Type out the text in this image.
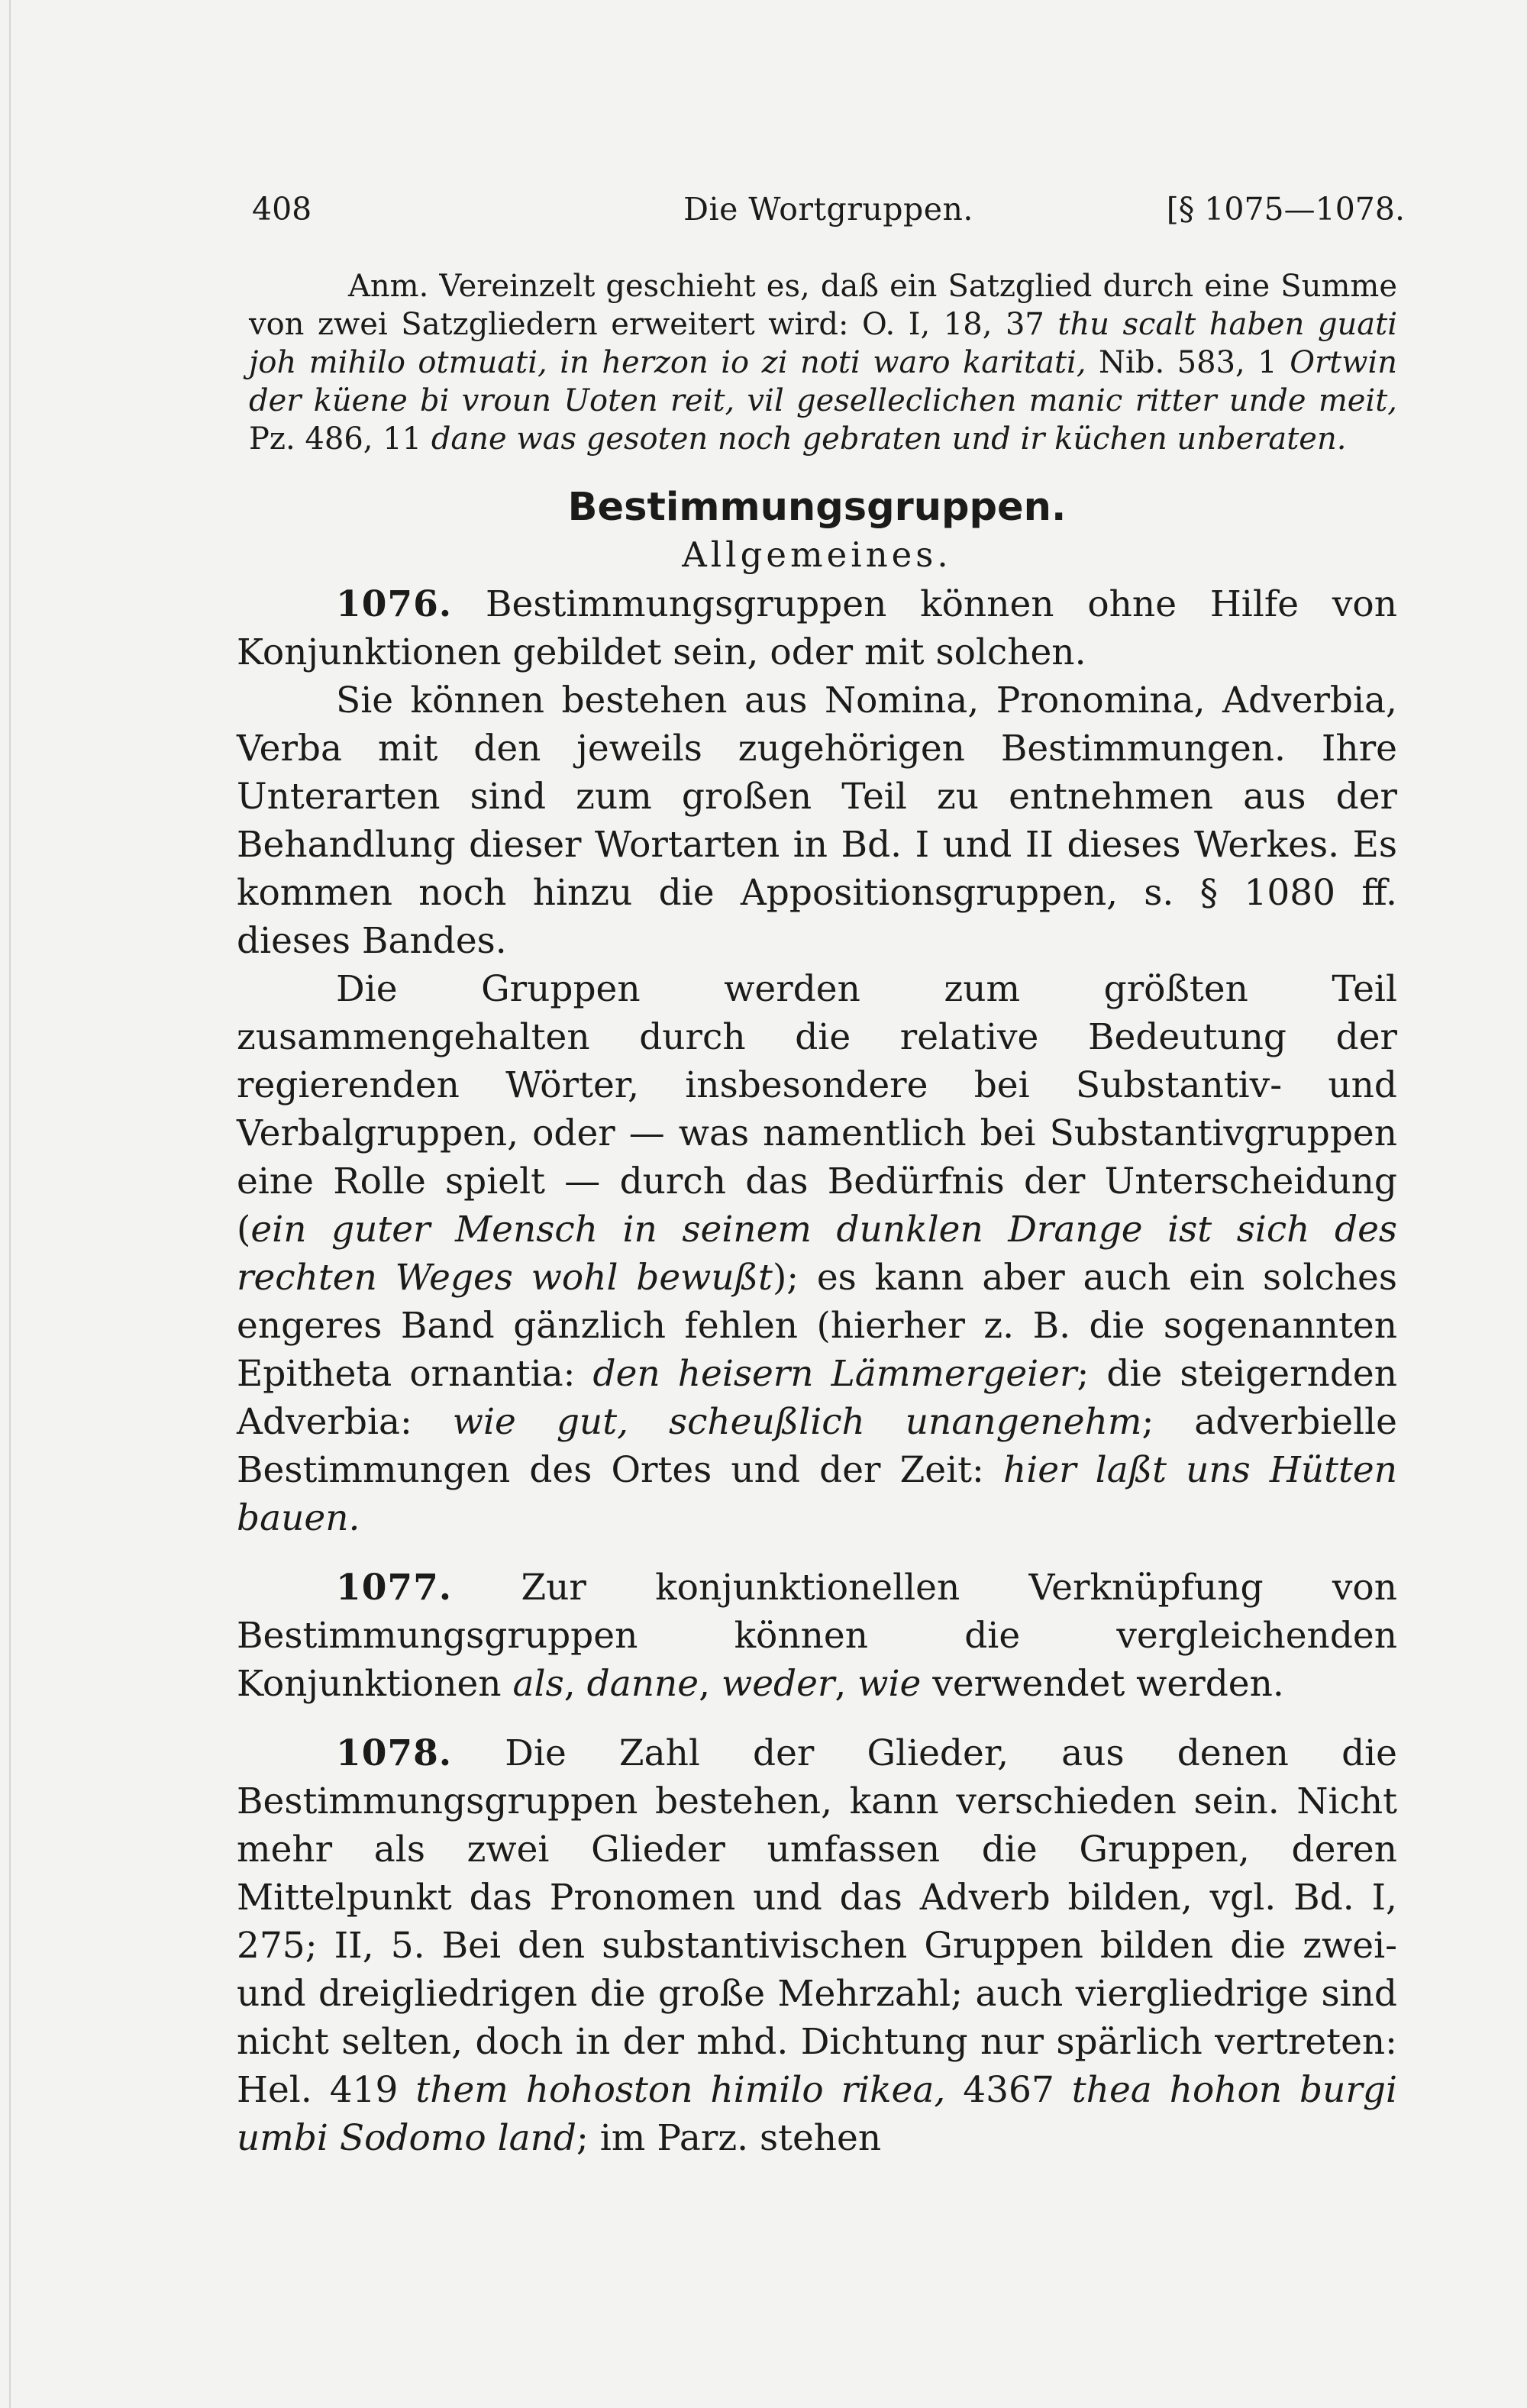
408	Die Wortgruppen.	[§ 1075—1078.

Anm. Vereinzelt geschieht es, daß ein Satzglied durch eine Summe von zwei Satzgliedern erweitert wird: O. I, 18, 37 thu scalt haben guati joh mihilo otmuati, in herzon io zi noti waro karitati, Nib. 583, 1 Ortwin der küene bi vroun Uoten reit, vil geselleclichen manic ritter unde meit, Pz. 486, 11 dane was gesoten noch gebraten und ir küchen unberaten.

Bestimmungsgruppen.
Allgemeines.

1076. Bestimmungsgruppen können ohne Hilfe von Konjunktionen gebildet sein, oder mit solchen.

Sie können bestehen aus Nomina, Pronomina, Adverbia, Verba mit den jeweils zugehörigen Bestimmungen. Ihre Unterarten sind zum großen Teil zu entnehmen aus der Behandlung dieser Wortarten in Bd. I und II dieses Werkes. Es kommen noch hinzu die Appositionsgruppen, s. § 1080 ff. dieses Bandes.

Die Gruppen werden zum größten Teil zusammengehalten durch die relative Bedeutung der regierenden Wörter, insbesondere bei Substantiv- und Verbalgruppen, oder — was namentlich bei Substantivgruppen eine Rolle spielt — durch das Bedürfnis der Unterscheidung (ein guter Mensch in seinem dunklen Drange ist sich des rechten Weges wohl bewußt); es kann aber auch ein solches engeres Band gänzlich fehlen (hierher z. B. die sogenannten Epitheta ornantia: den heisern Lämmergeier; die steigernden Adverbia: wie gut, scheußlich unangenehm; adverbielle Bestimmungen des Ortes und der Zeit: hier laßt uns Hütten bauen.

1077. Zur konjunktionellen Verknüpfung von Bestimmungsgruppen können die vergleichenden Konjunktionen als, danne, weder, wie verwendet werden.

1078. Die Zahl der Glieder, aus denen die Bestimmungsgruppen bestehen, kann verschieden sein. Nicht mehr als zwei Glieder umfassen die Gruppen, deren Mittelpunkt das Pronomen und das Adverb bilden, vgl. Bd. I, 275; II, 5. Bei den substantivischen Gruppen bilden die zwei- und dreigliedrigen die große Mehrzahl; auch viergliedrige sind nicht selten, doch in der mhd. Dichtung nur spärlich vertreten: Hel. 419 them hohoston himilo rikea, 4367 thea hohon burgi umbi Sodomo land; im Parz. stehen
